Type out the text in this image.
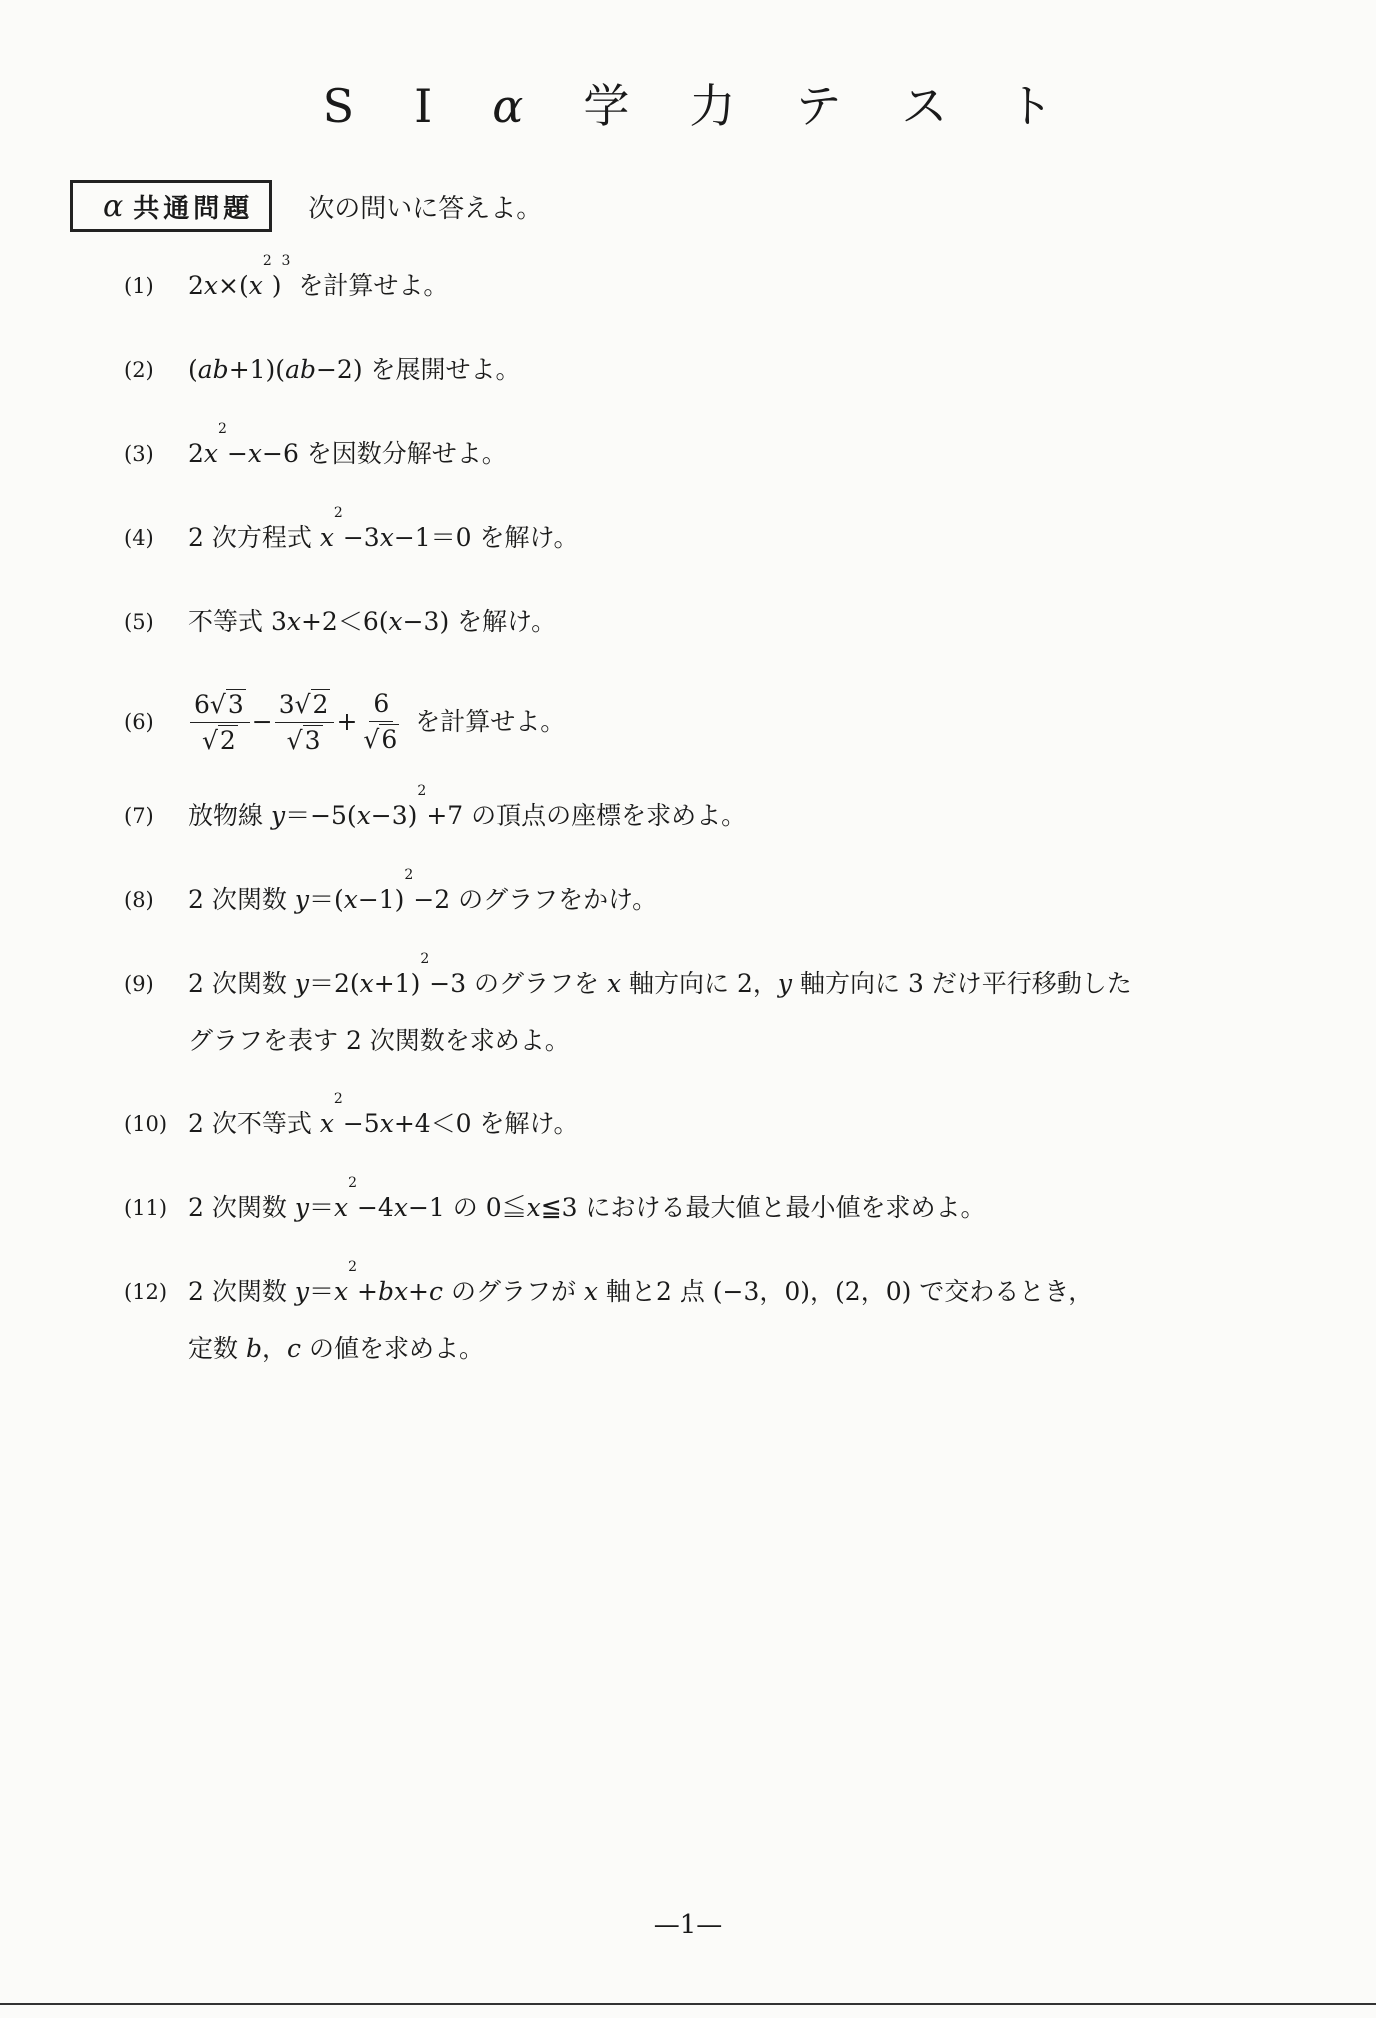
S I α 学 力 テ ス ト
α 共通問題 次の問いに答えよ。
(1)	$2x\times(x^2)^3$ を計算せよ。
(2)	(ab+1)(ab−2) を展開せよ。
(3)	$2x^2-x-6$ を因数分解せよ。
(4)	2 次方程式 $x^2-3x-1=0$ を解け。
(5)	不等式 3x+2＜6(x−3) を解け。
(6)	$\frac{6√3}{√2} - \frac{3√2}{√3} + \frac{6}{√6}$ を計算せよ。
(7)	放物線 $y=-5(x-3)^2+7$ の頂点の座標を求めよ。
(8)	2 次関数 $y=(x-1)^2-2$ のグラフをかけ。
(9)	2 次関数 $y=2(x+1)^2-3$ のグラフを x 軸方向に 2，y 軸方向に 3 だけ平行移動した
グラフを表す 2 次関数を求めよ。
(10) 2 次不等式 $x^2-5x+4<0$ を解け。
(11) 2 次関数 $y=x^2-4x-1$ の 0≦x≦3 における最大値と最小値を求めよ。
(12) 2 次関数 $y=x^2+bx+c$ のグラフが x 軸と2 点 (−3，0)，(2，0) で交わるとき，
定数 b，c の値を求めよ。
—1—
